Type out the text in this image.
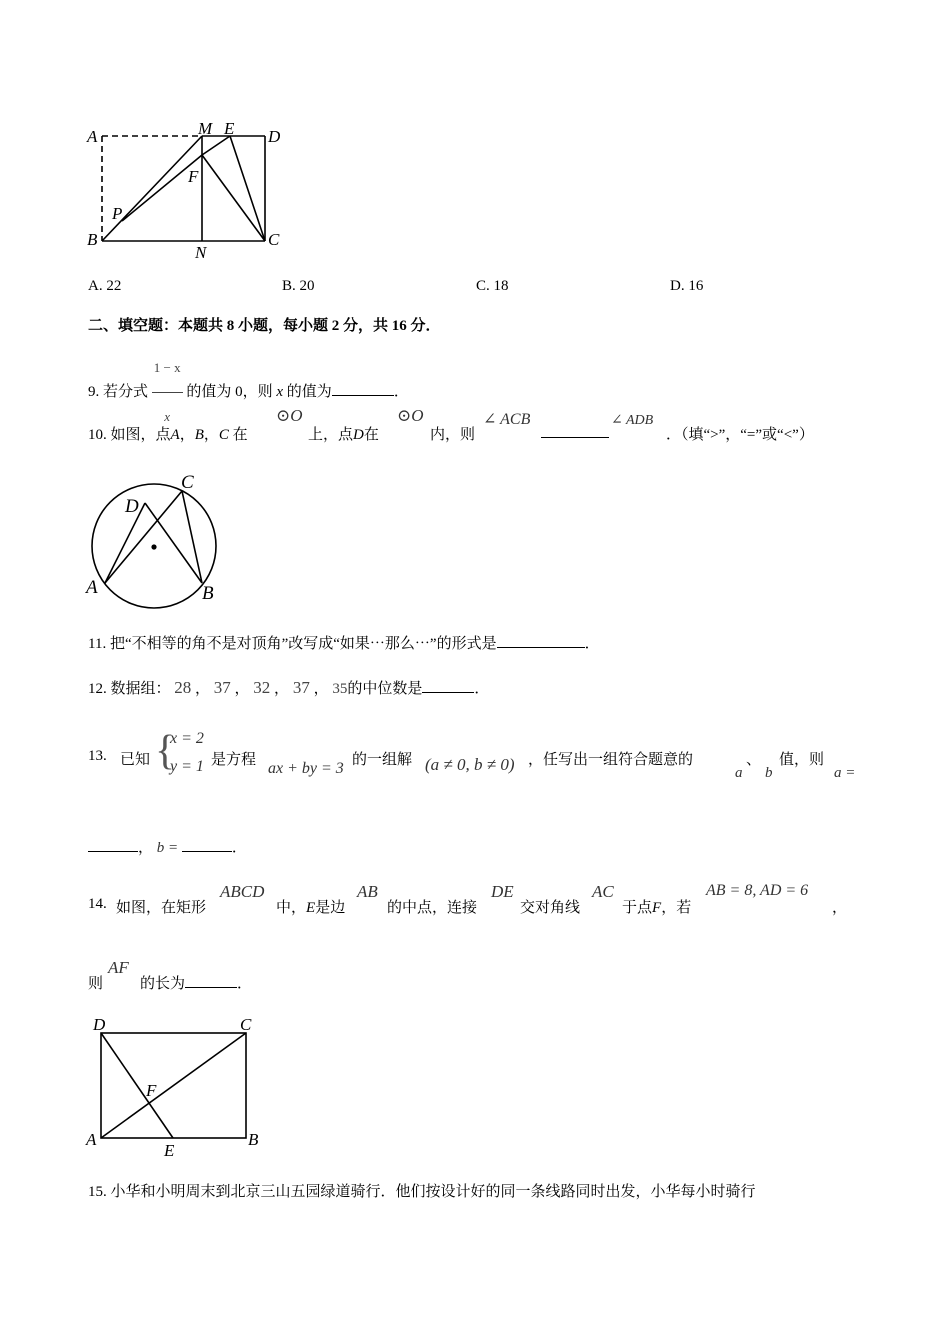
A	M E D
F
P
B
N
C
A. 22	B. 20	C. 18	D. 16
二、填空题：本题共 8 小题，每小题 2 分，共 16 分．
9. 若分式 $\frac{1 - x}{x}$ 的值为 0，则 x 的值为	．
10. 如图，点A，B，C 在
⊙O
上，点D在
⊙O
内，则
∠ ACB	∠ ADB
．（填“>”，“=”或“<”）
C
D
A	B
11. 把“不相等的角不是对顶角”改写成“如果⋯那么⋯”的形式是	．
12. 数据组： 28 ， 37 ， 32 ， 37 ， 35的中位数是	．
13. 已知 {
x = 2
y = 1 是方程 ax + by = 3 的一组解 (a ≠ 0, b ≠ 0) ，任写出一组符合题意的
a
、
b
值，则
a =
， b =	．
14. 如图，在矩形
ABCD
中，E是边
AB
的中点，连接
DE
交对角线
AC
于点F，若
AB = 8, AD = 6
，
则
AF
的长为	．
D	C
F
A
E
B
15. 小华和小明周末到北京三山五园绿道骑行．他们按设计好的同一条线路同时出发，小华每小时骑行
